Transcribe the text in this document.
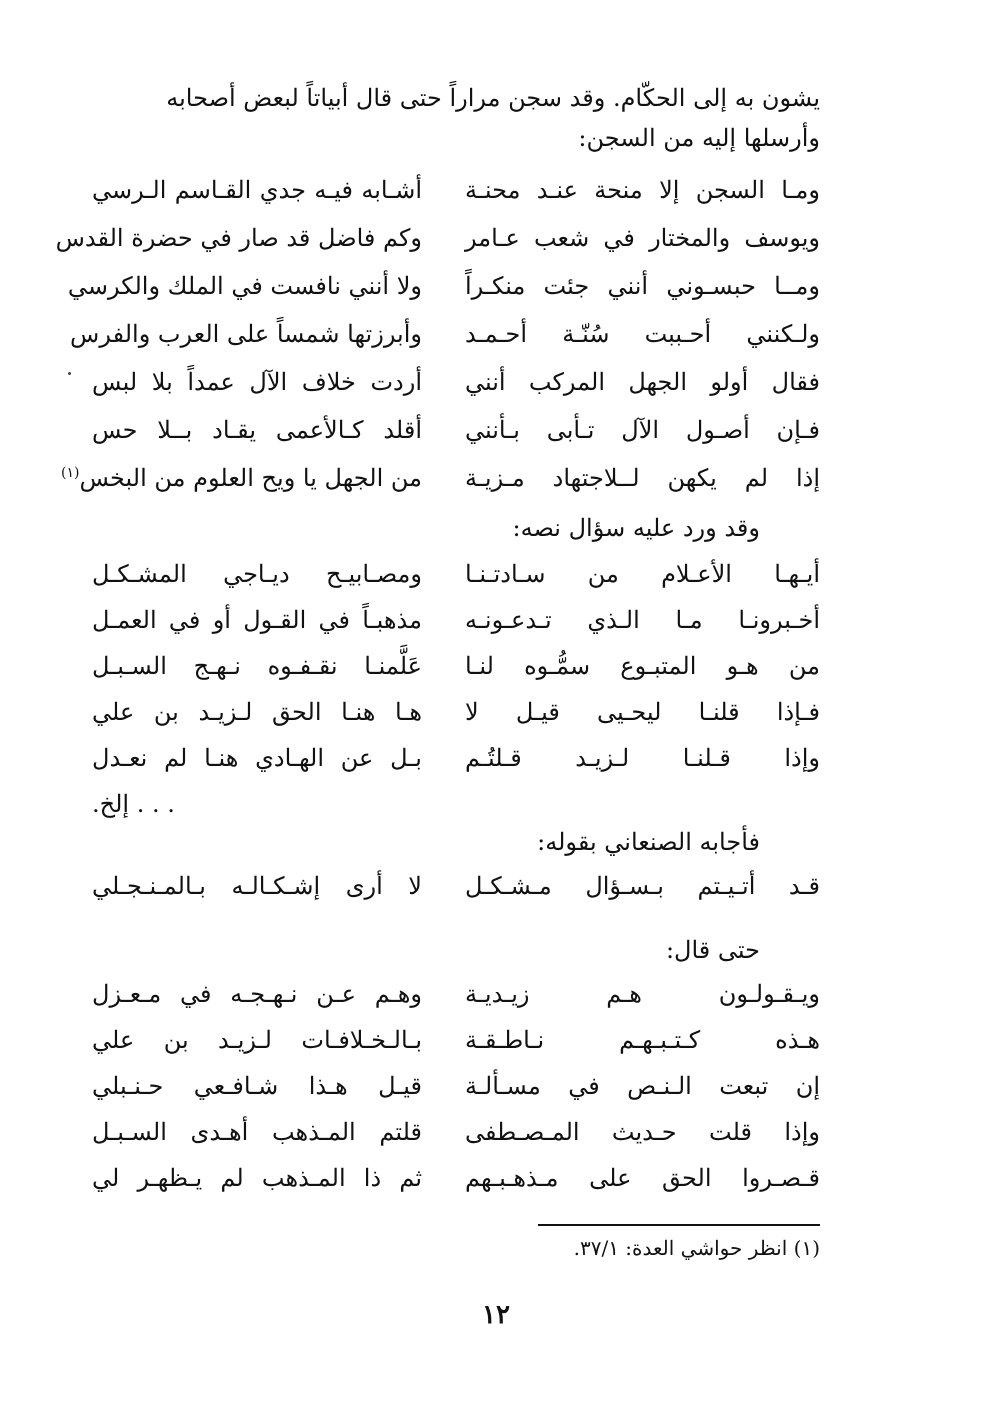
يشون به إلى الحكّام. وقد سجن مراراً حتى قال أبياتاً لبعض أصحابه
وأرسلها إليه من السجن:
ومـا السجن إلا منحة عنـد محنـة
أشـابه فيـه جدي القـاسم الـرسي
ويوسف والمختار في شعب عـامر
وكم فاضل قد صار في حضرة القدس
ومــا حبسـوني أنني جئت منكـراً
ولا أنني نافست في الملك والكرسي
ولـكنني أحـببت سُنّـة أحـمـد
وأبرزتها شمساً على العرب والفرس
فقال أولو الجهل المركب أنني
أردت خلاف الآل عمداً بلا لبس
فـإن أصـول الآل تـأبى بـأنني
أقلد كـالأعمى يقـاد بــلا حس
إذا لم يكهن لــلاجتهاد مـزيـة
من الجهل يا ويح العلوم من البخس$^{(١)}$
وقد ورد عليه سؤال نصه:
أيـهـا الأعـلام من سـادتـنـا
ومصـابيـح ديـاجي المشـكـل
أخـبرونـا مـا الـذي تـدعـونـه
مذهبـاً في القـول أو في العمـل
من هـو المتبـوع سمُّـوه لنـا
عَلَّمنـا نقـفـوه نـهـج السـبـل
فـإذا قلنـا ليحـيى قيـل لا
هـا هنـا الحق لـزيـد بن علي
وإذا قـلنـا لـزيـد قـلتُـم
بـل عن الهـادي هنـا لم نعـدل
. . . إلخ.
فأجابه الصنعاني بقوله:
قـد أتـيـتم بـسـؤال مـشـكـل
لا أرى إشـكـالـه بـالمـنـجـلي
حتى قال:
ويـقـولـون هـم زيـديـة
وهـم عـن نـهـجـه في مـعـزل
هـذه كـتـبـهـم نـاطـقـة
بـالـخـلافـات لـزيـد بن علي
إن تبعت الـنـص في مسـألـة
قيـل هـذا شـافـعي حـنـبلي
وإذا قلت حـديث المـصـطفى
قلتم المـذهب أهـدى السـبـل
قـصـروا الحق على مـذهـبـهم
ثم ذا المـذهب لم يـظهـر لي
(١) انظر حواشي العدة: ٣٧/١.
١٢
